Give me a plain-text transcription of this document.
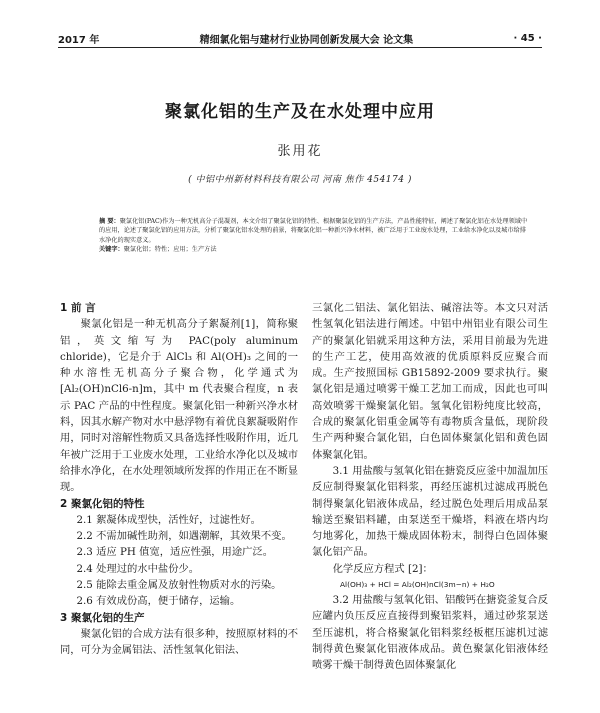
2017 年	精细氯化铝与建材行业协同创新发展大会 论文集	· 45 ·
聚氯化铝的生产及在水处理中应用
张用花
( 中铝中州新材料科技有限公司 河南 焦作 454174 )
摘 要：聚氯化铝(PAC)作为一种无机高分子混凝剂，本文介绍了聚氯化铝的特性、根据聚氯化铝的生产方法，产品性能特征，阐述了聚氯化铝在水处理领域中的应用，论述了聚氯化铝的应用方法，分析了聚氯化铝水处理的前景，将聚氯化铝一种新兴净水材料，被广泛用于工业废水处理，工业给水净化以及城市给排水净化的现实意义。
关键字：聚氯化铝；特性；应用；生产方法

1 前 言

聚氯化铝是一种无机高分子絮凝剂[1]，简称聚铝，英文缩写为 PAC(poly aluminum chloride)，它是介于 AlCl₃ 和 Al(OH)₃ 之间的一种水溶性无机高分子聚合物，化学通式为 [Al₂(OH)nCl6-n]m，其中 m 代表聚合程度，n 表示 PAC 产品的中性程度。聚氯化铝一种新兴净水材料，因其水解产物对水中悬浮物有着优良絮凝吸附作用，同时对溶解性物质又具备选择性吸附作用，近几年被广泛用于工业废水处理，工业给水净化以及城市给排水净化，在水处理领域所发挥的作用正在不断显现。

2 聚氯化铝的特性

2.1 絮凝体成型快，活性好，过滤性好。

2.2 不需加碱性助剂，如遇潮解，其效果不变。

2.3 适应 PH 值宽，适应性强，用途广泛。

2.4 处理过的水中盐份少。

2.5 能除去重金属及放射性物质对水的污染。

2.6 有效成份高，便于储存，运输。

3 聚氯化铝的生产

聚氯化铝的合成方法有很多种，按照原材料的不同，可分为金属铝法、活性氢氧化铝法、

三氯化二铝法、氯化铝法、碱溶法等。本文只对活性氢氧化铝法进行阐述。中铝中州铝业有限公司生产的聚氯化铝就采用这种方法，采用目前最为先进的生产工艺，使用高效液的优质原料反应聚合而成。生产按照国标 GB15892-2009 要求执行。聚氯化铝是通过喷雾干燥工艺加工而成，因此也可叫高效喷雾干燥聚氯化铝。氢氧化铝粉纯度比较高，合成的聚氯化铝重金属等有毒物质含量低，现阶段生产两种聚合氯化铝，白色固体聚氯化铝和黄色固体聚氯化铝。

3.1 用盐酸与氢氧化铝在搪瓷反应釜中加温加压反应制得聚氯化铝料浆，再经压滤机过滤成再脱色制得聚氯化铝液体成品，经过脱色处理后用成品泵输送至聚铝料罐，由泵送至干燥塔，料液在塔内均匀地雾化，加热干燥成固体粉末，制得白色固体聚氯化铝产品。

化学反应方程式 [2]：

Al(OH)₃ + HCl = Al₂(OH)nCl(3m−n) + H₂O

3.2 用盐酸与氢氧化铝、铝酸钙在搪瓷釜复合反应罐内负压反应直接得到聚铝浆料，通过砂浆泵送至压滤机，将合格聚氯化铝料浆经板框压滤机过滤制得黄色聚氯化铝液体成品。黄色聚氯化铝液体经喷雾干燥干制得黄色固体聚氯化
